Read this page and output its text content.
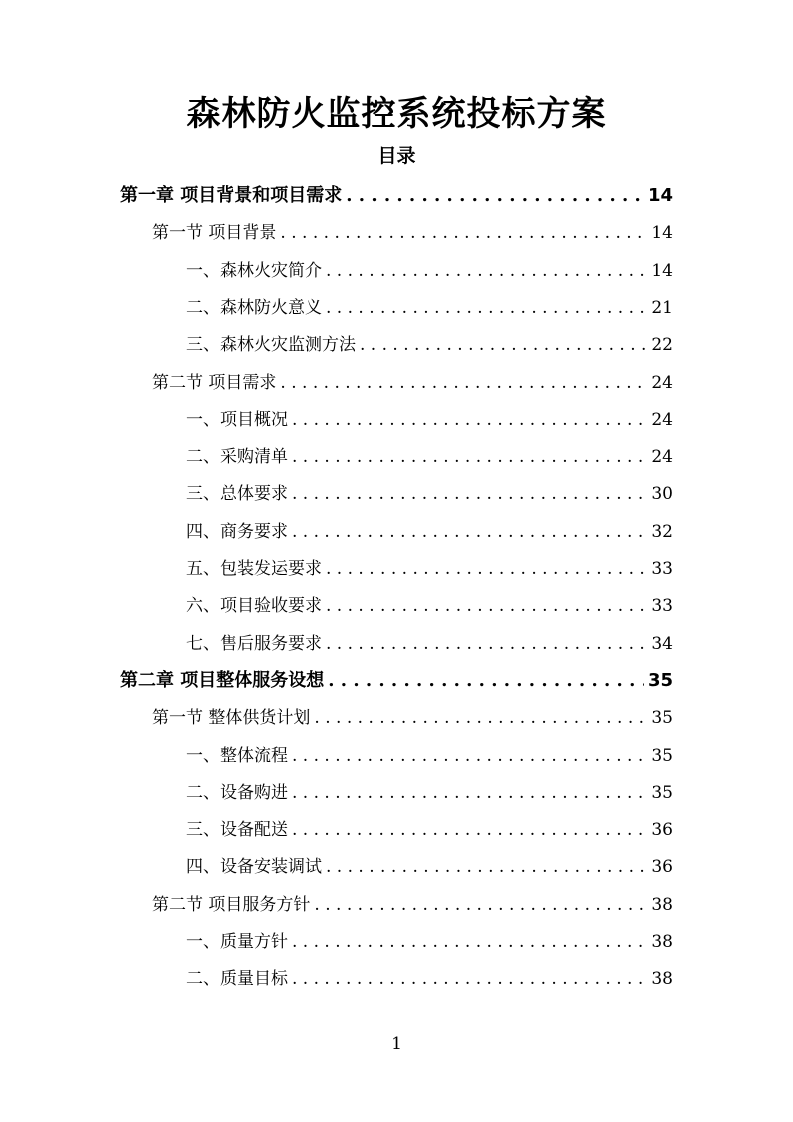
森林防火监控系统投标方案
目录
第一章 项目背景和项目需求 . . .	14
第一节 项目背景 . . .	14
一、森林火灾简介 . . .	14
二、森林防火意义 . . .	21
三、森林火灾监测方法 . . .	22
第二节 项目需求 . . .	24
一、项目概况 . . .	24
二、采购清单 . . .	24
三、总体要求 . . .	30
四、商务要求 . . .	32
五、包装发运要求 . . .	33
六、项目验收要求 . . .	33
七、售后服务要求 . . .	34
第二章 项目整体服务设想 . . .	35
第一节 整体供货计划 . . .	35
一、整体流程 . . .	35
二、设备购进 . . .	35
三、设备配送 . . .	36
四、设备安装调试 . . .	36
第二节 项目服务方针 . . .	38
一、质量方针 . . .	38
二、质量目标 . . .	38
1
